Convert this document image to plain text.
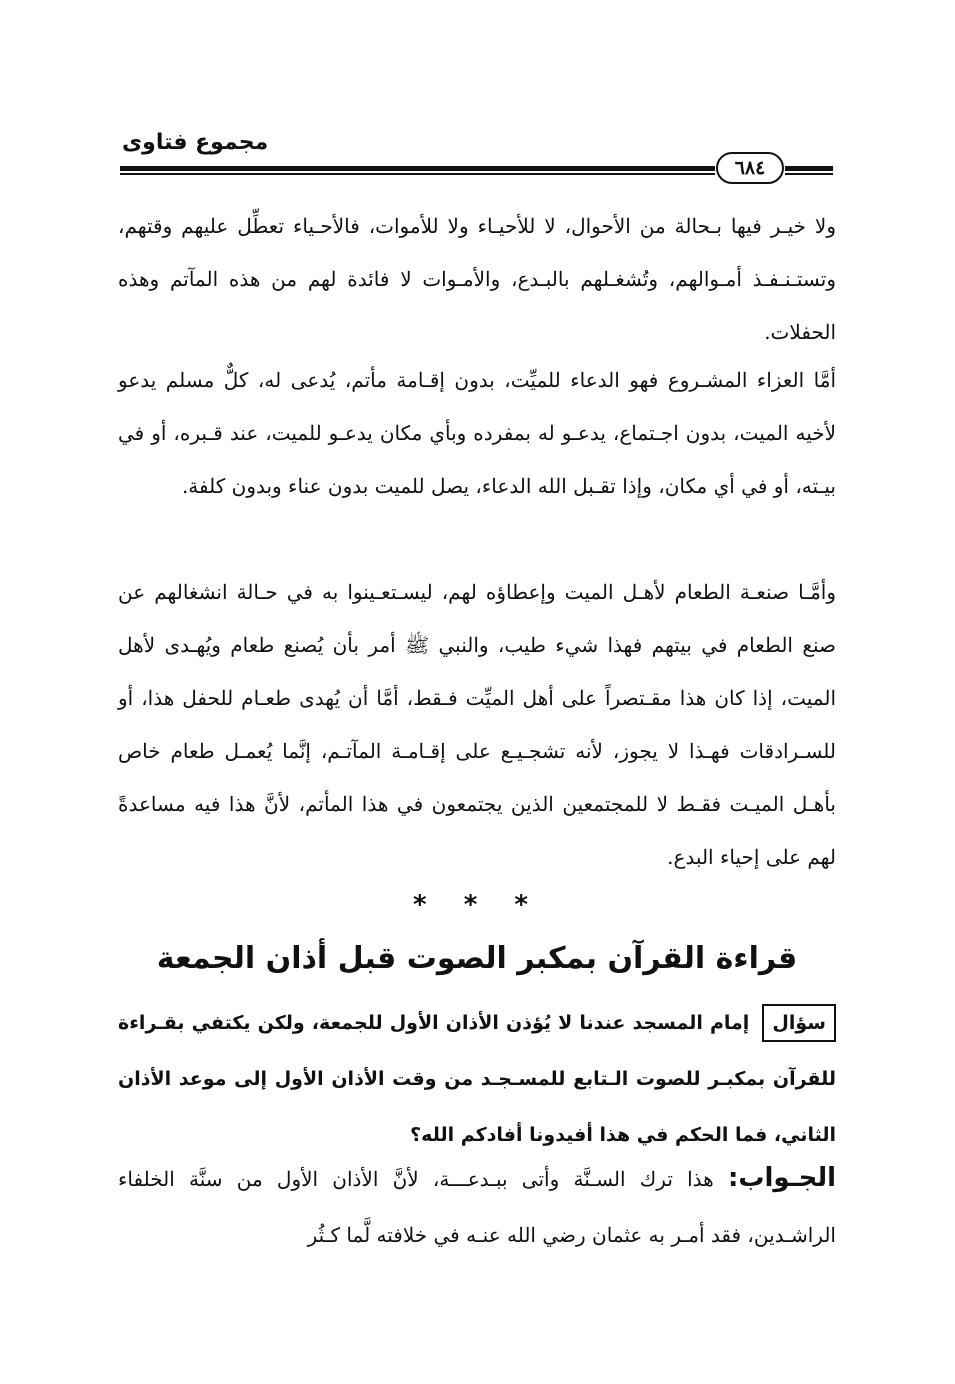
مجموع فتاوى
٦٨٤

ولا خيـر فيها بـحالة من الأحوال، لا للأحيـاء ولا للأموات، فالأحـياء تعطِّل عليهم وقتهم، وتستـنـفـذ أمـوالهم، وتُشغـلهم بالبـدع، والأمـوات لا فائدة لهم من هذه المآتم وهذه الحفلات.

أمَّا العزاء المشـروع فهو الدعاء للميِّت، بدون إقـامة مأتم، يُدعى له، كلٌّ مسلم يدعو لأخيه الميت، بدون اجـتماع، يدعـو له بمفرده وبأي مكان يدعـو للميت، عند قـبره، أو في بيـته، أو في أي مكان، وإذا تقـبل الله الدعاء، يصل للميت بدون عناء وبدون كلفة.

وأمَّـا صنعـة الطعام لأهـل الميت وإعطاؤه لهم، ليسـتعـينوا به في حـالة انشغالهم عن صنع الطعام في بيتهم فهذا شيء طيب، والنبي ﷺ أمر بأن يُصنع طعام ويُهـدى لأهل الميت، إذا كان هذا مقـتصراً على أهل الميِّت فـقط، أمَّا أن يُهدى طعـام للحفل هذا، أو للسـرادقات فهـذا لا يجوز، لأنه تشجـيـع على إقـامـة المآتـم، إنَّما يُعمـل طعام خاص بأهـل الميـت فقـط لا للمجتمعين الذين يجتمعون في هذا المأتم، لأنَّ هذا فيه مساعدةً لهم على إحياء البدع.

* * *
قراءة القرآن بمكبر الصوت قبل أذان الجمعة
سؤال إمام المسجد عندنا لا يُؤذن الأذان الأول للجمعة، ولكن يكتفي بقـراءة للقرآن بمكبـر للصوت الـتابع للمسـجـد من وقت الأذان الأول إلى موعد الأذان الثاني، فما الحكم في هذا أفيدونا أفادكم الله؟
الجـواب: هذا ترك السـنَّة وأتى ببـدعـــة، لأنَّ الأذان الأول من سنَّة الخلفاء الراشـدين، فقد أمـر به عثمان رضي الله عنـه في خلافته لَّما كـثُر
